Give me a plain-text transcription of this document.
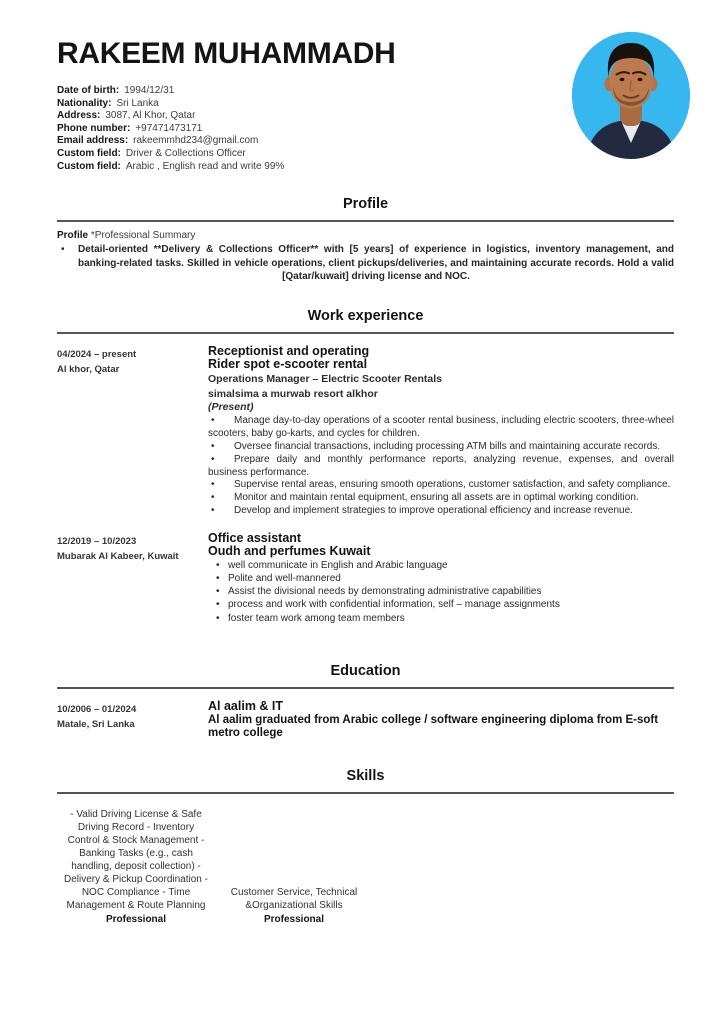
RAKEEM MUHAMMADH
Date of birth: 1994/12/31
Nationality: Sri Lanka
Address: 3087, Al Khor, Qatar
Phone number: +97471473171
Email address: rakeemmhd234@gmail.com
Custom field: Driver & Collections Officer
Custom field: Arabic , English read and write 99%
Profile

Profile *Professional Summary

• Detail-oriented **Delivery & Collections Officer** with [5 years] of experience in logistics, inventory management, and banking-related tasks. Skilled in vehicle operations, client pickups/deliveries, and maintaining accurate records. Hold a valid [Qatar/kuwait] driving license and NOC.

Work experience
04/2024 – present
Al khor, Qatar
Receptionist and operating
Rider spot e-scooter rental
Operations Manager – Electric Scooter Rentals
simalsima a murwab resort alkhor
(Present)

• Manage day-to-day operations of a scooter rental business, including electric scooters, three-wheel scooters, baby go-karts, and cycles for children.

• Oversee financial transactions, including processing ATM bills and maintaining accurate records.

• Prepare daily and monthly performance reports, analyzing revenue, expenses, and overall business performance.

• Supervise rental areas, ensuring smooth operations, customer satisfaction, and safety compliance.

• Monitor and maintain rental equipment, ensuring all assets are in optimal working condition.

• Develop and implement strategies to improve operational efficiency and increase revenue.

12/2019 – 10/2023
Mubarak Al Kabeer, Kuwait
Office assistant
Oudh and perfumes Kuwait

• well communicate in English and Arabic language

• Polite and well-mannered

• Assist the divisional needs by demonstrating administrative capabilities

• process and work with confidential information, self – manage assignments

• foster team work among team members

Education
10/2006 – 01/2024
Matale, Sri Lanka
Al aalim & IT
Al aalim graduated from Arabic college / software engineering diploma from E-soft metro college
Skills
- Valid Driving License & Safe Driving Record - Inventory Control & Stock Management - Banking Tasks (e.g., cash handling, deposit collection) - Delivery & Pickup Coordination - NOC Compliance - Time Management & Route Planning
Professional
Customer Service, Technical &Organizational Skills
Professional
